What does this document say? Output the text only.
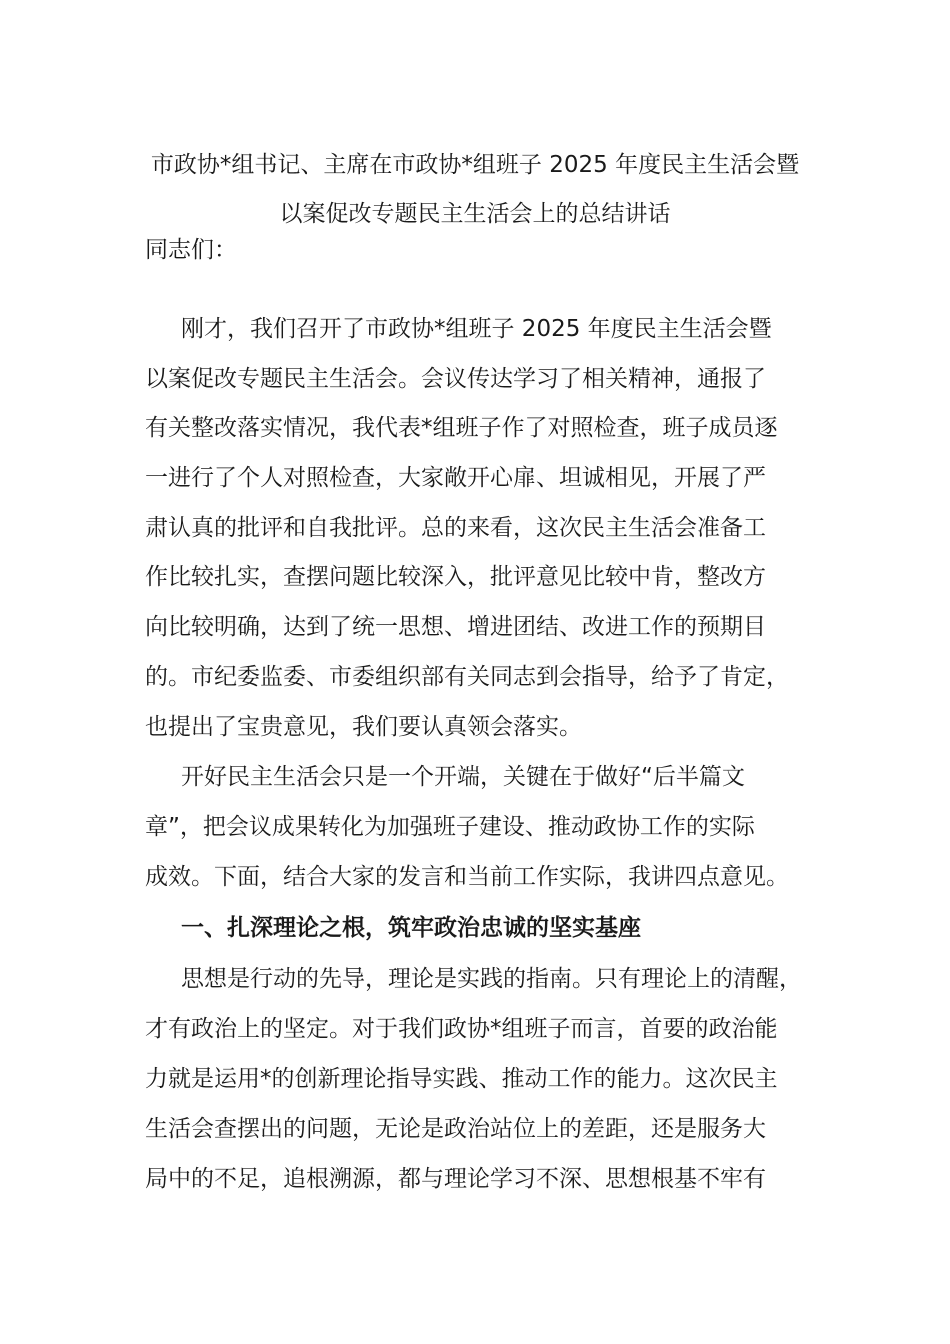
市政协*组书记、主席在市政协*组班子 2025 年度民主生活会暨
以案促改专题民主生活会上的总结讲话
同志们：
刚才，我们召开了市政协*组班子 2025 年度民主生活会暨
以案促改专题民主生活会。会议传达学习了相关精神，通报了
有关整改落实情况，我代表*组班子作了对照检查，班子成员逐
一进行了个人对照检查，大家敞开心扉、坦诚相见，开展了严
肃认真的批评和自我批评。总的来看，这次民主生活会准备工
作比较扎实，查摆问题比较深入，批评意见比较中肯，整改方
向比较明确，达到了统一思想、增进团结、改进工作的预期目
的。市纪委监委、市委组织部有关同志到会指导，给予了肯定，
也提出了宝贵意见，我们要认真领会落实。
开好民主生活会只是一个开端，关键在于做好“后半篇文
章”，把会议成果转化为加强班子建设、推动政协工作的实际
成效。下面，结合大家的发言和当前工作实际，我讲四点意见。
一、扎深理论之根，筑牢政治忠诚的坚实基座
思想是行动的先导，理论是实践的指南。只有理论上的清醒，
才有政治上的坚定。对于我们政协*组班子而言，首要的政治能
力就是运用*的创新理论指导实践、推动工作的能力。这次民主
生活会查摆出的问题，无论是政治站位上的差距，还是服务大
局中的不足，追根溯源，都与理论学习不深、思想根基不牢有
